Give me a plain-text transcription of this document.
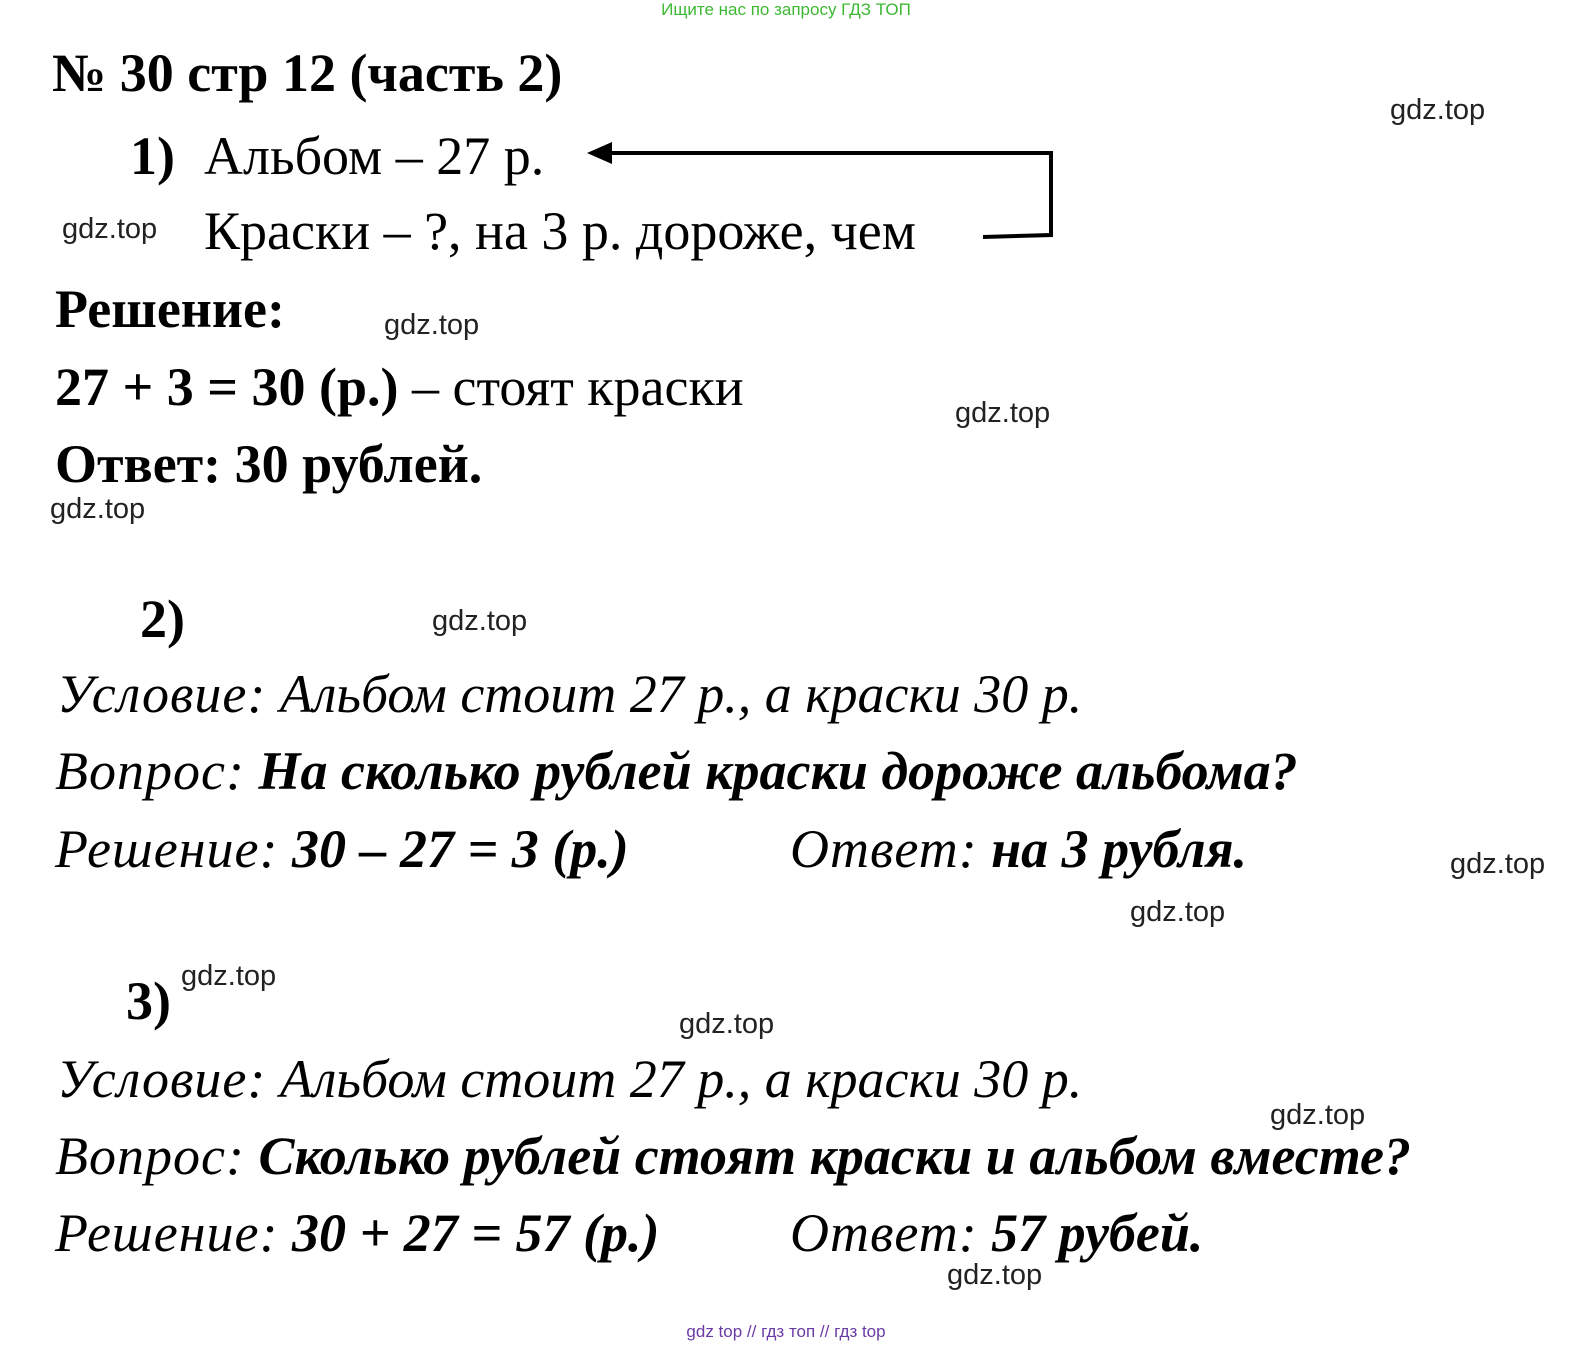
Ищите нас по запросу ГДЗ ТОП
№ 30 стр 12 (часть 2)
1) Альбом – 27 р.
Краски – ?, на 3 р. дороже, чем
Решение:
27 + 3 = 30 (р.) – стоят краски
Ответ: 30 рублей.
2)
Условие: Альбом стоит 27 р., а краски 30 р.
Вопрос: На сколько рублей краски дороже альбома?
Решение: 30 – 27 = 3 (р.)	Ответ: на 3 рубля.
3)
Условие: Альбом стоит 27 р., а краски 30 р.
Вопрос: Сколько рублей стоят краски и альбом вместе?
Решение: 30 + 27 = 57 (р.) Ответ: 57 рубей.
gdz.top
gdz.top
gdz.top
gdz.top
gdz.top
gdz.top
gdz.top
gdz.top
gdz.top
gdz.top
gdz.top
gdz.top
gdz top // гдз топ // гдз top
